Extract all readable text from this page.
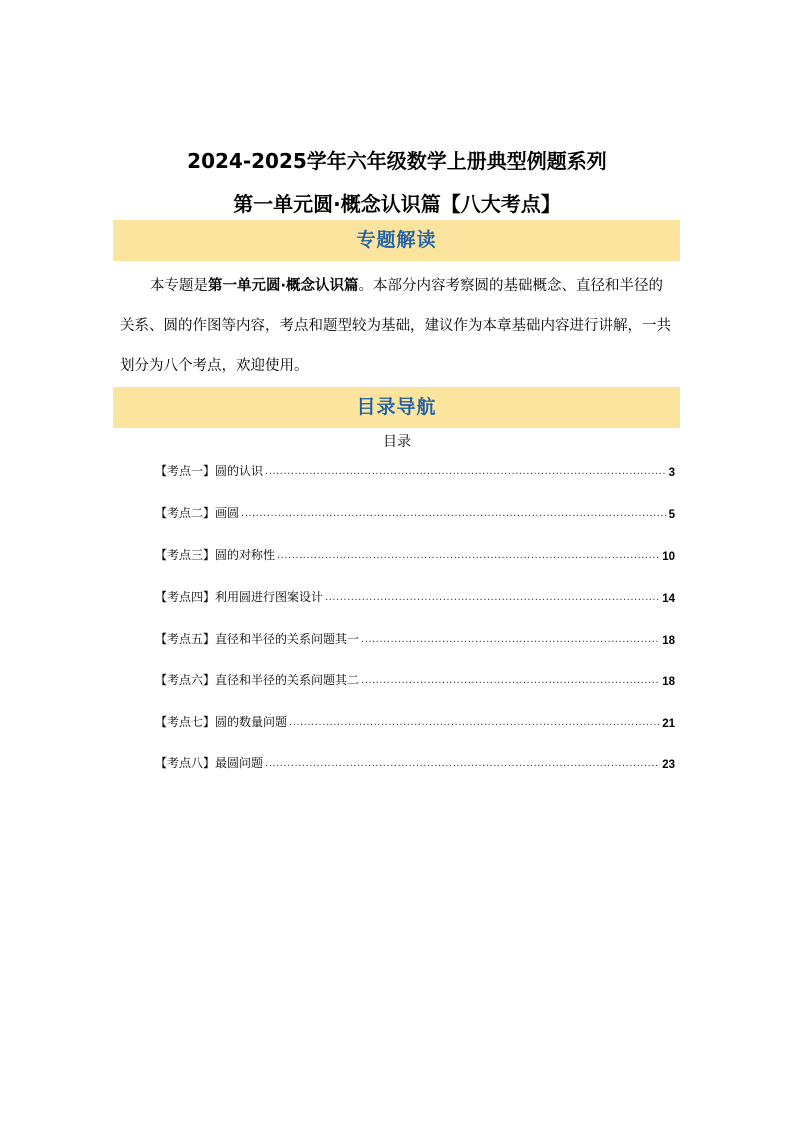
2024-2025学年六年级数学上册典型例题系列
第一单元圆·概念认识篇【八大考点】
专题解读
本专题是第一单元圆·概念认识篇。本部分内容考察圆的基础概念、直径和半径的关系、圆的作图等内容，考点和题型较为基础，建议作为本章基础内容进行讲解，一共划分为八个考点，欢迎使用。
目录导航
目录
【考点一】圆的认识 .....	3
【考点二】画圆 .....	5
【考点三】圆的对称性 .....	10
【考点四】利用圆进行图案设计 .....	14
【考点五】直径和半径的关系问题其一 .....	18
【考点六】直径和半径的关系问题其二 .....	18
【考点七】圆的数量问题 .....	21
【考点八】最圆问题 .....	23
